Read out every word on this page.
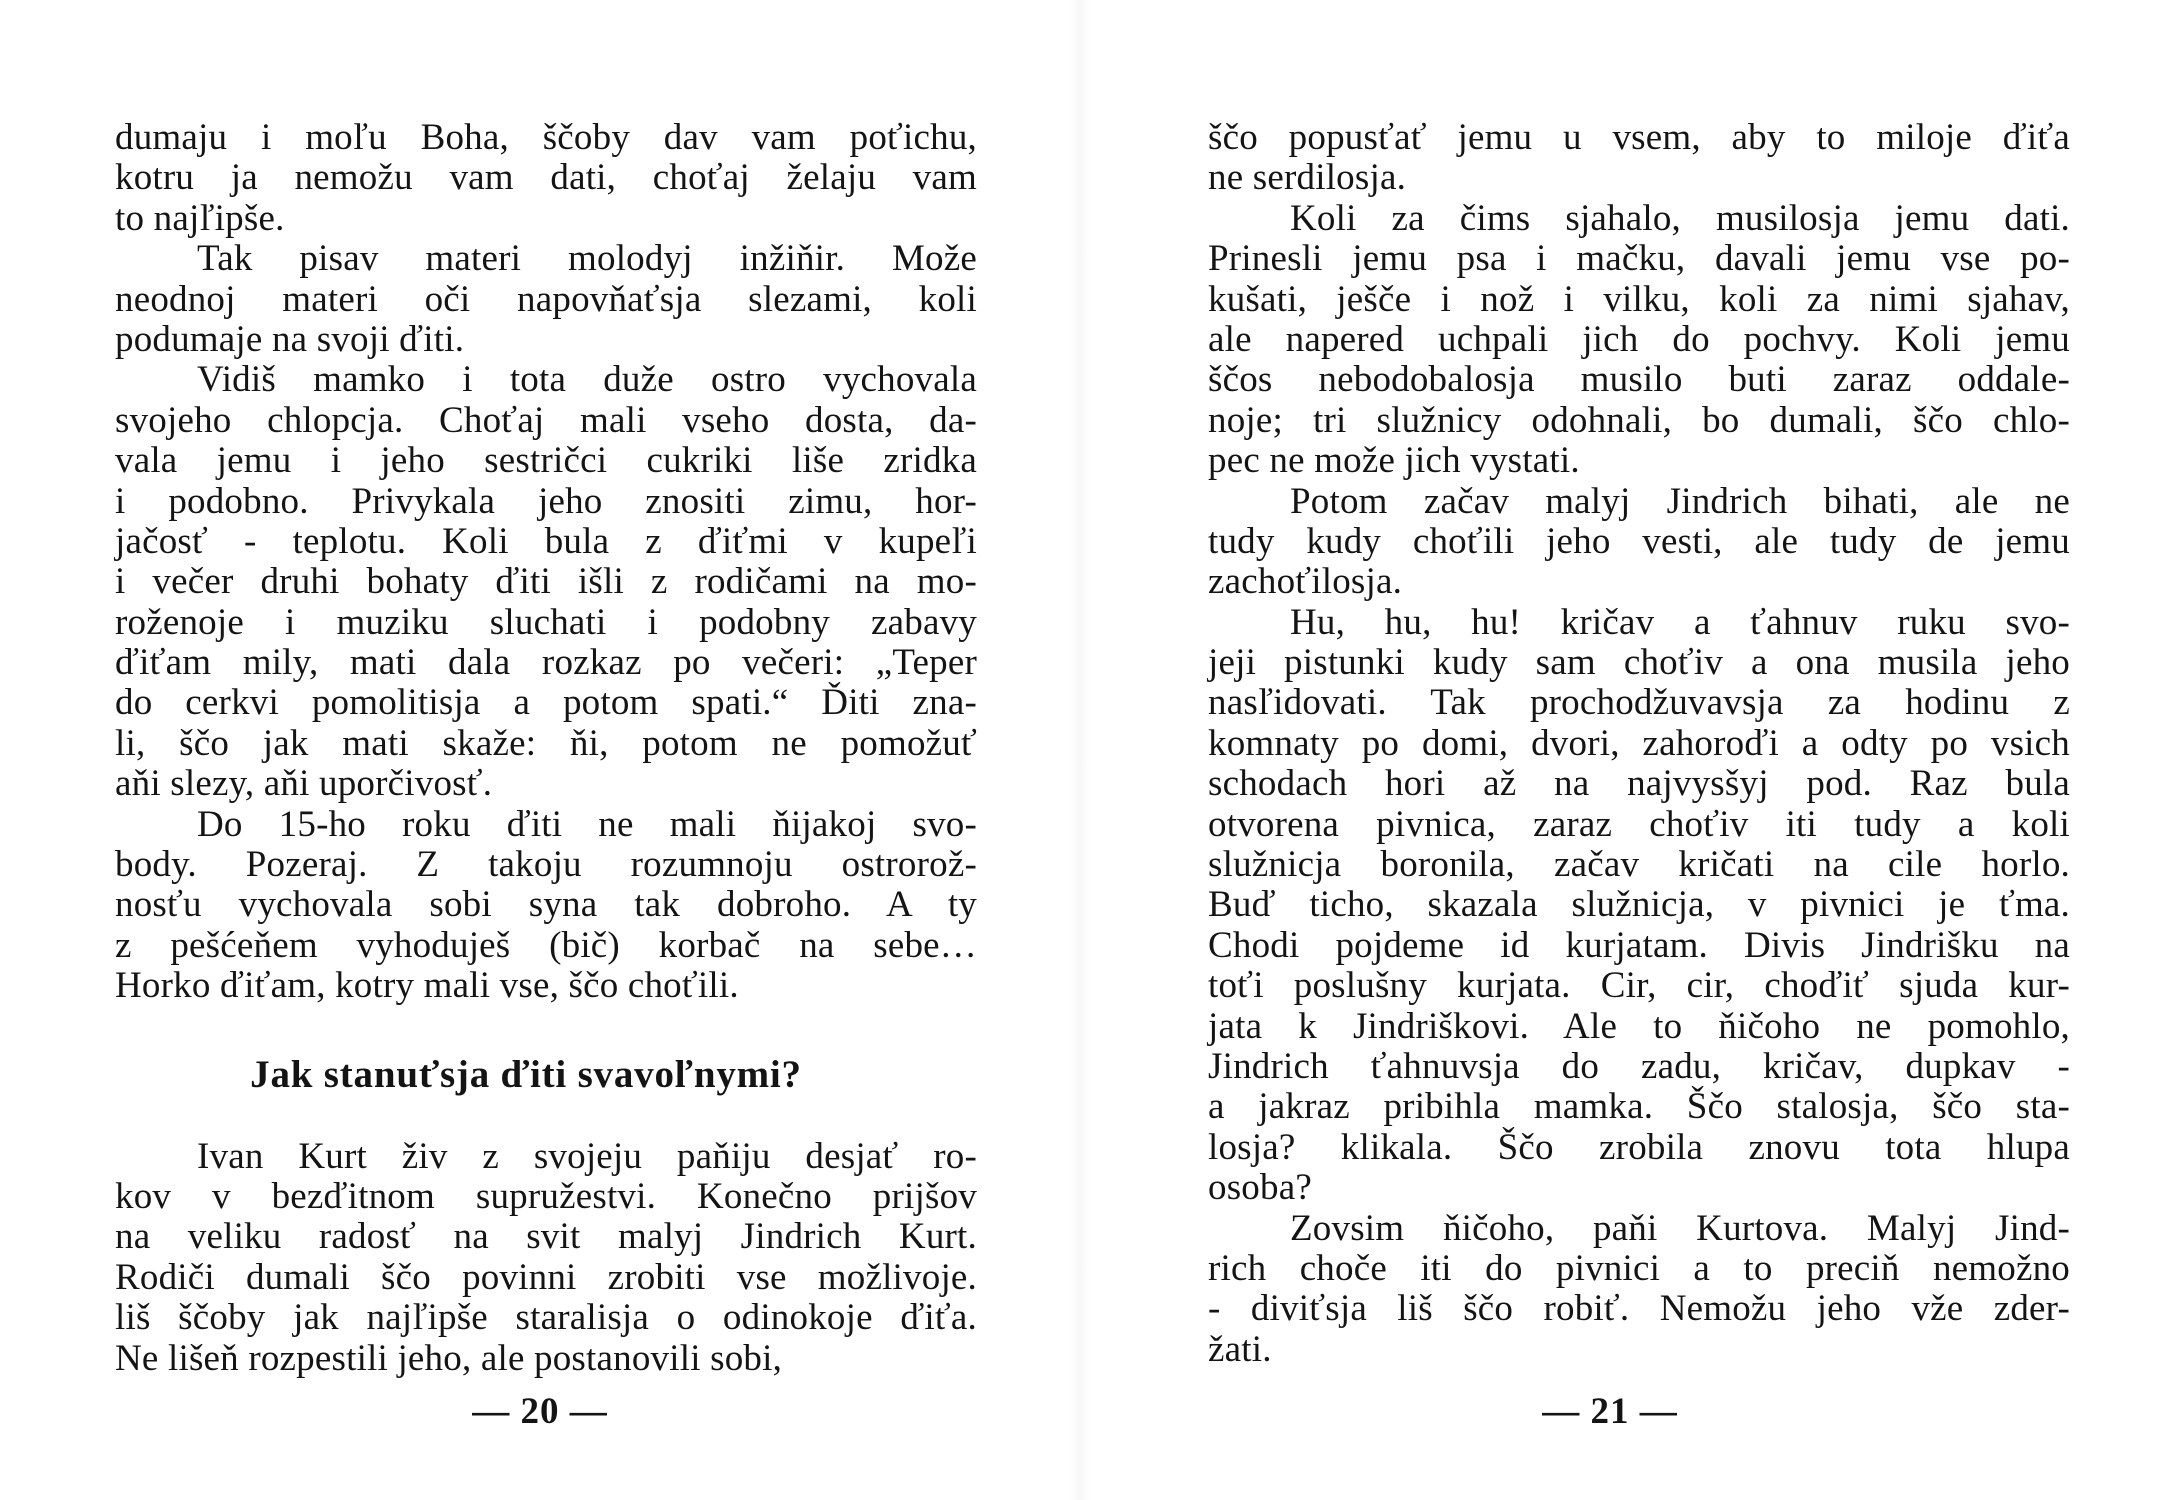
dumaju i moľu Boha, ščoby dav vam poťichu,
kotru ja nemožu vam dati, choťaj želaju vam
to najľipše.
Tak pisav materi molodyj inžiňir. Može
neodnoj materi oči napovňaťsja slezami, koli
podumaje na svoji ďiti.
Vidiš mamko i tota duže ostro vychovala
svojeho chlopcja. Choťaj mali vseho dosta, da-
vala jemu i jeho sestričci cukriki liše zridka
i podobno. Privykala jeho znositi zimu, hor-
jačosť - teplotu. Koli bula z ďiťmi v kupeľi
i večer druhi bohaty ďiti išli z rodičami na mo-
roženoje i muziku sluchati i podobny zabavy
ďiťam mily, mati dala rozkaz po večeri: „Teper
do cerkvi pomolitisja a potom spati.“ Ďiti zna-
li, ščo jak mati skaže: ňi, potom ne pomožuť
aňi slezy, aňi uporčivosť.
Do 15-ho roku ďiti ne mali ňijakoj svo-
body. Pozeraj. Z takoju rozumnoju ostrorož-
nosťu vychovala sobi syna tak dobroho. A ty
z pešćeňem vyhoduješ (bič) korbač na sebe…
Horko ďiťam, kotry mali vse, ščo choťili.
Jak stanuťsja ďiti svavoľnymi?
Ivan Kurt živ z svojeju paňiju desjať ro-
kov v bezďitnom supružestvi. Konečno prijšov
na veliku radosť na svit malyj Jindrich Kurt.
Rodiči dumali ščo povinni zrobiti vse možlivoje.
liš ščoby jak najľipše staralisja o odinokoje ďiťa.
Ne lišeň rozpestili jeho, ale postanovili sobi,
— 20 —
ščo popusťať jemu u vsem, aby to miloje ďiťa
ne serdilosja.
Koli za čims sjahalo, musilosja jemu dati.
Prinesli jemu psa i mačku, davali jemu vse po-
kušati, ješče i nož i vilku, koli za nimi sjahav,
ale napered uchpali jich do pochvy. Koli jemu
ščos nebodobalosja musilo buti zaraz oddale-
noje; tri služnicy odohnali, bo dumali, ščo chlo-
pec ne može jich vystati.
Potom začav malyj Jindrich bihati, ale ne
tudy kudy choťili jeho vesti, ale tudy de jemu
zachoťilosja.
Hu, hu, hu! kričav a ťahnuv ruku svo-
jeji pistunki kudy sam choťiv a ona musila jeho
nasľidovati. Tak prochodžuvavsja za hodinu z
komnaty po domi, dvori, zahoroďi a odty po vsich
schodach hori až na najvysšyj pod. Raz bula
otvorena pivnica, zaraz choťiv iti tudy a koli
služnicja boronila, začav kričati na cile horlo.
Buď ticho, skazala služnicja, v pivnici je ťma.
Chodi pojdeme id kurjatam. Divis Jindrišku na
toťi poslušny kurjata. Cir, cir, choďiť sjuda kur-
jata k Jindriškovi. Ale to ňičoho ne pomohlo,
Jindrich ťahnuvsja do zadu, kričav, dupkav -
a jakraz pribihla mamka. Ščo stalosja, ščo sta-
losja? klikala. Ščo zrobila znovu tota hlupa
osoba?
Zovsim ňičoho, paňi Kurtova. Malyj Jind-
rich choče iti do pivnici a to preciň nemožno
- diviťsja liš ščo robiť. Nemožu jeho vže zder-
žati.
— 21 —
